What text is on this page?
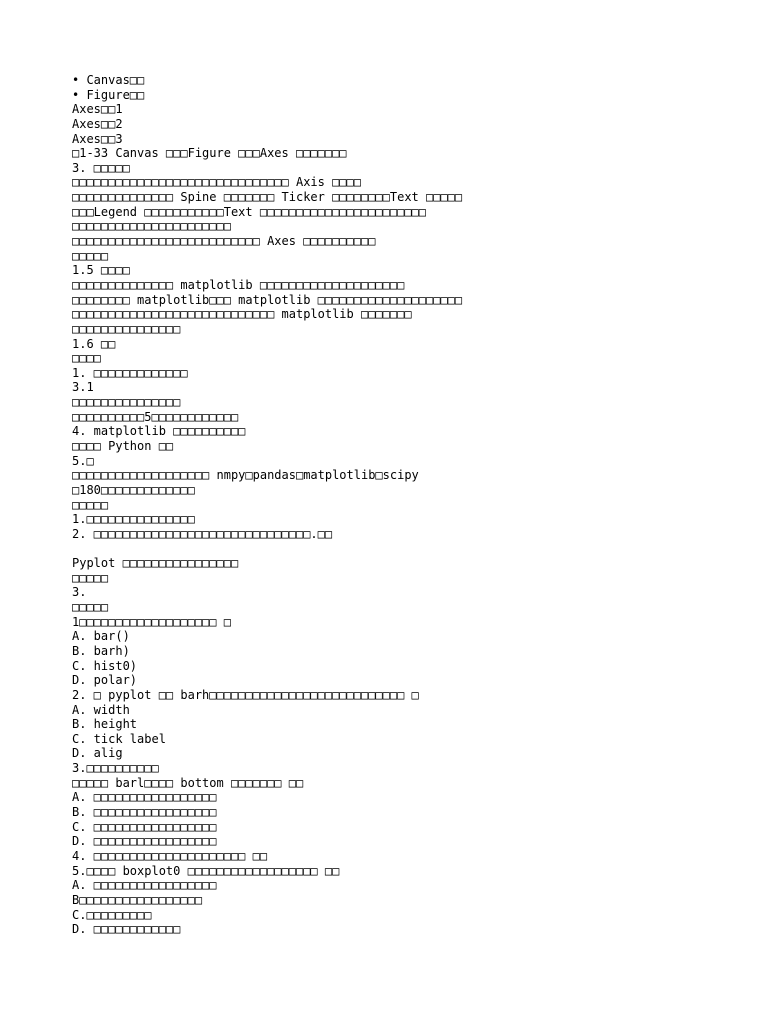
• Canvas□□
• Figure□□
Axes□□1
Axes□□2
Axes□□3
□1-33 Canvas □□□Figure □□□Axes □□□□□□□
3. □□□□□
□□□□□□□□□□□□□□□□□□□□□□□□□□□□□□ Axis □□□□
□□□□□□□□□□□□□□ Spine □□□□□□□ Ticker □□□□□□□□Text □□□□□
□□□Legend □□□□□□□□□□□Text □□□□□□□□□□□□□□□□□□□□□□□
□□□□□□□□□□□□□□□□□□□□□□
□□□□□□□□□□□□□□□□□□□□□□□□□□ Axes □□□□□□□□□□
□□□□□
1.5 □□□□
□□□□□□□□□□□□□□ matplotlib □□□□□□□□□□□□□□□□□□□□
□□□□□□□□ matplotlib□□□ matplotlib □□□□□□□□□□□□□□□□□□□□
□□□□□□□□□□□□□□□□□□□□□□□□□□□□ matplotlib □□□□□□□
□□□□□□□□□□□□□□□
1.6 □□
□□□□
1. □□□□□□□□□□□□□
3.1
□□□□□□□□□□□□□□□
□□□□□□□□□□5□□□□□□□□□□□□
4. matplotlib □□□□□□□□□□
□□□□ Python □□
5.□
□□□□□□□□□□□□□□□□□□□ nmpy□pandas□matplotlib□scipy
□180□□□□□□□□□□□□□
□□□□□
1.□□□□□□□□□□□□□□□
2. □□□□□□□□□□□□□□□□□□□□□□□□□□□□□□.□□
Pyplot □□□□□□□□□□□□□□□□
□□□□□
3.
□□□□□
1□□□□□□□□□□□□□□□□□□□ □
A. bar()
B. barh)
C. hist0)
D. polar)
2. □ pyplot □□ barh□□□□□□□□□□□□□□□□□□□□□□□□□□□ □
A. width
B. height
C. tick label
D. alig
3.□□□□□□□□□□
□□□□□ barl□□□□ bottom □□□□□□□ □□
A. □□□□□□□□□□□□□□□□□
B. □□□□□□□□□□□□□□□□□
C. □□□□□□□□□□□□□□□□□
D. □□□□□□□□□□□□□□□□□
4. □□□□□□□□□□□□□□□□□□□□□ □□
5.□□□□ boxplot0 □□□□□□□□□□□□□□□□□□ □□
A. □□□□□□□□□□□□□□□□□
B□□□□□□□□□□□□□□□□□
C.□□□□□□□□□
D. □□□□□□□□□□□□
